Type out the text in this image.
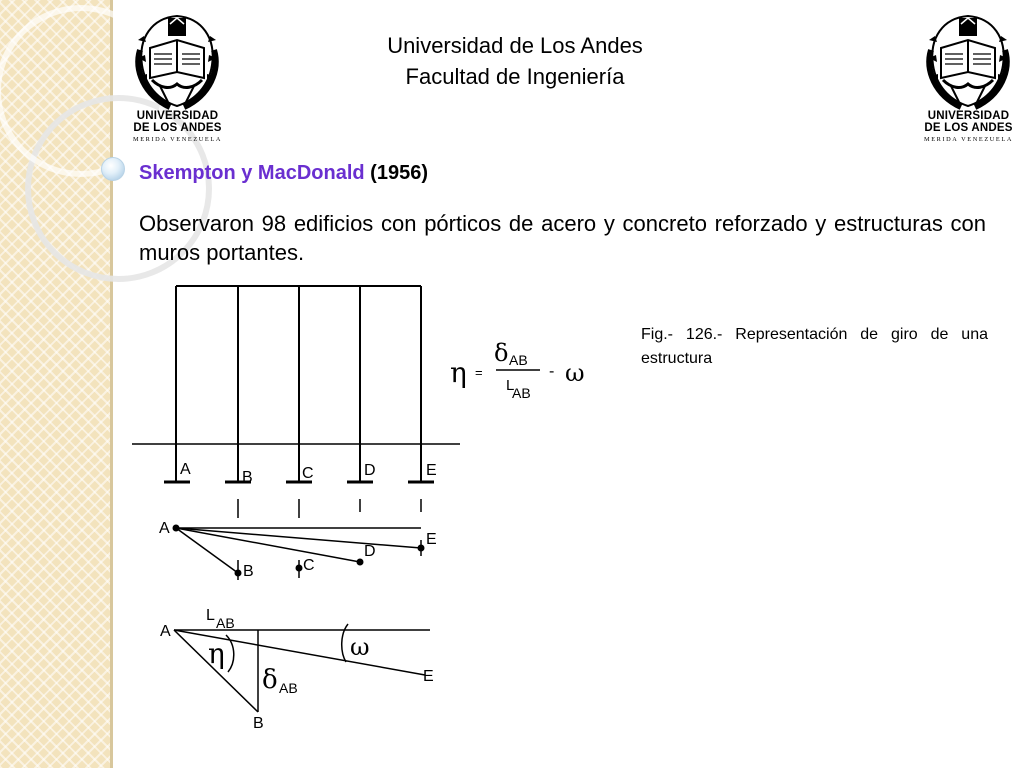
UNIVERSIDAD
DE LOS ANDES
MERIDA VENEZUELA
UNIVERSIDAD
DE LOS ANDES
MERIDA VENEZUELA
Universidad de Los Andes
Facultad de Ingeniería
Skempton y MacDonald (1956)
Observaron 98 edificios con pórticos de acero y concreto reforzado y estructuras con muros portantes.
A	B	C	D	E
A
B	C
D
E
A
L AB
η
δ AB
ω
E
B
η =
δ AB
L
AB
- ω
Fig.- 126.- Representación de giro de una estructura
